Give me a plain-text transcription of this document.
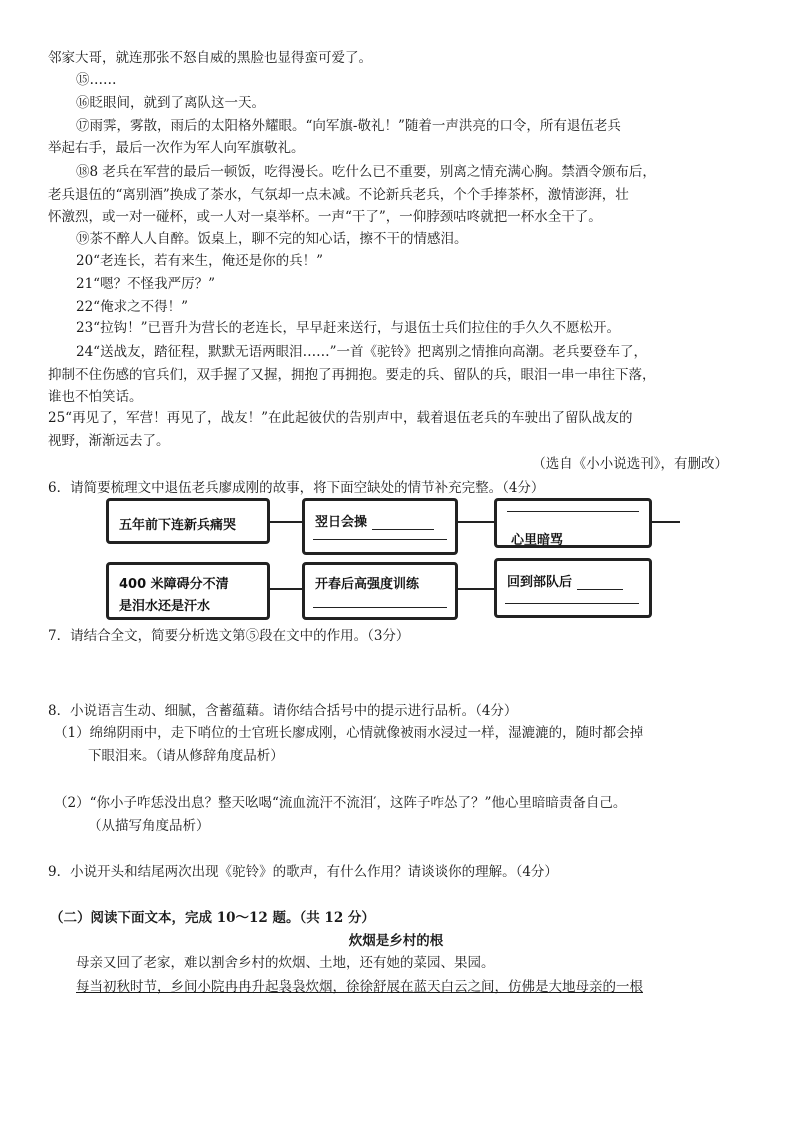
邻家大哥，就连那张不怒自威的黑脸也显得蛮可爱了。
⑮……
⑯眨眼间，就到了离队这一天。
⑰雨霁，雾散，雨后的太阳格外耀眼。“向军旗-敬礼！”随着一声洪亮的口令，所有退伍老兵
举起右手，最后一次作为军人向军旗敬礼。
⑱8 老兵在军营的最后一顿饭，吃得漫长。吃什么已不重要，别离之情充满心胸。禁酒令颁布后，
老兵退伍的“离别酒”换成了茶水，气氛却一点未减。不论新兵老兵，个个手捧茶杯，激情澎湃，壮
怀激烈，或一对一碰杯，或一人对一桌举杯。一声“干了”，一仰脖颈咕咚就把一杯水全干了。
⑲茶不醉人人自醉。饭桌上，聊不完的知心话，擦不干的情感泪。
20“老连长，若有来生，俺还是你的兵！”
21“嗯？不怪我严厉？”
22“俺求之不得！”
23“拉钩！”已晋升为营长的老连长，早早赶来送行，与退伍士兵们拉住的手久久不愿松开。
24“送战友，踏征程，默默无语两眼泪……”一首《驼铃》把离别之情推向高潮。老兵要登车了，
抑制不住伤感的官兵们，双手握了又握，拥抱了再拥抱。要走的兵、留队的兵，眼泪一串一串往下落，
谁也不怕笑话。
25“再见了，军营！再见了，战友！”在此起彼伏的告别声中，载着退伍老兵的车驶出了留队战友的
视野，渐渐远去了。
（选自《小小说选刊》，有删改）
6．请简要梳理文中退伍老兵廖成刚的故事，将下面空缺处的情节补充完整。（4分）
五年前下连新兵痛哭	翌日会操
心里暗骂
400 米障碍分不清
是泪水还是汗水
开春后高强度训练	回到部队后
7．请结合全文，简要分析选文第⑤段在文中的作用。（3分）
8．小说语言生动、细腻，含蓄蕴藉。请你结合括号中的提示进行品析。（4分）
（1）绵绵阴雨中，走下哨位的士官班长廖成刚，心情就像被雨水浸过一样，湿漉漉的，随时都会掉
下眼泪来。（请从修辞角度品析）
（2）“你小子咋恁没出息？整天吆喝“流血流汗不流泪′，这阵子咋怂了？”他心里暗暗责备自己。
（从描写角度品析）
9．小说开头和结尾两次出现《驼铃》的歌声，有什么作用？请谈谈你的理解。（4分）
（二）阅读下面文本，完成 10～12 题。（共 12 分）
炊烟是乡村的根
母亲又回了老家，难以割舍乡村的炊烟、土地，还有她的菜园、果园。
每当初秋时节，乡间小院冉冉升起袅袅炊烟，徐徐舒展在蓝天白云之间，仿佛是大地母亲的一根
